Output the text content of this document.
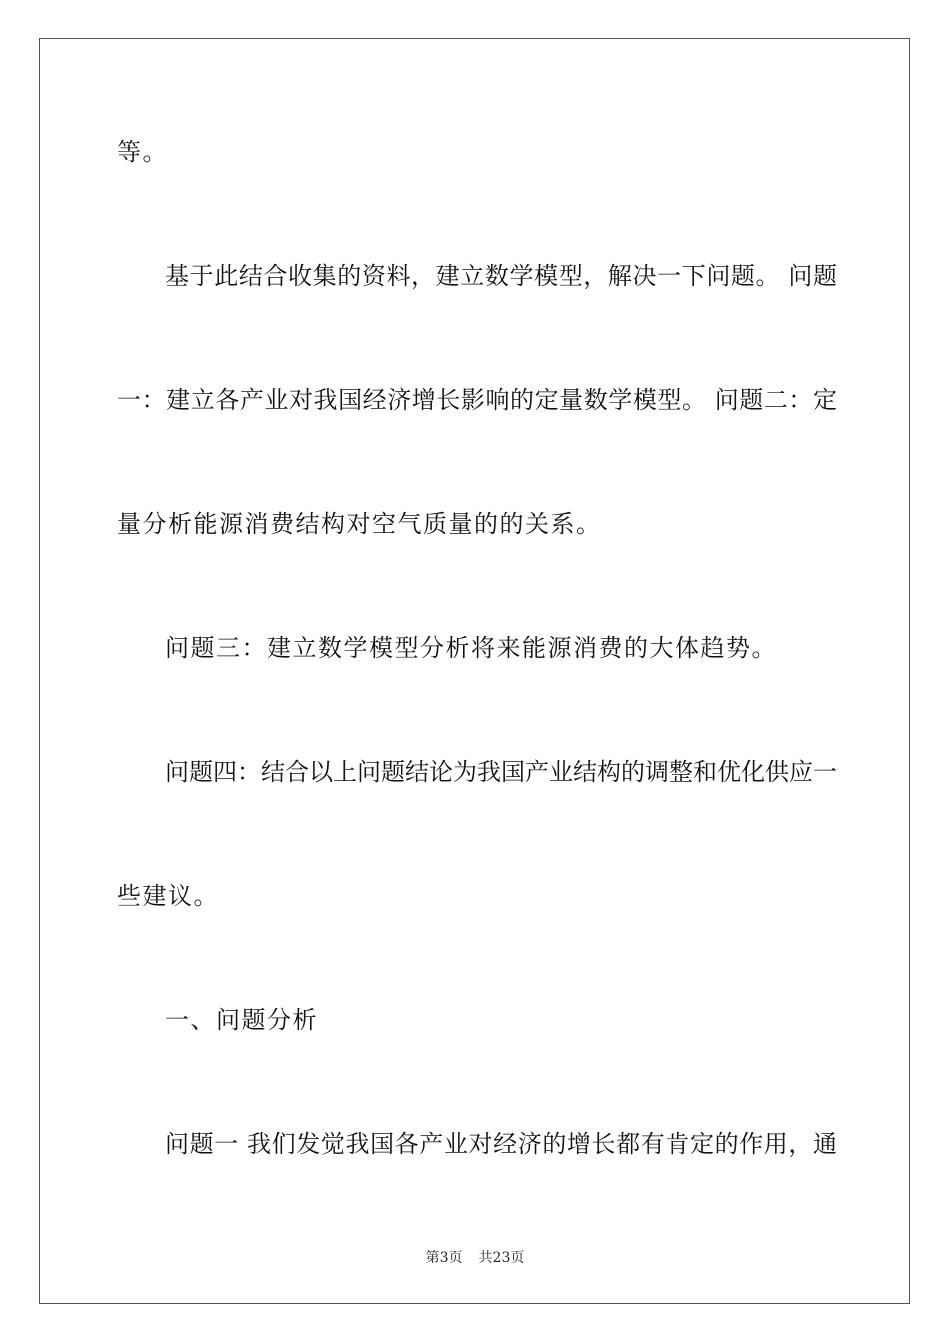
等。
基于此结合收集的资料，建立数学模型，解决一下问题。 问题
一：建立各产业对我国经济增长影响的定量数学模型。 问题二：定
量分析能源消费结构对空气质量的的关系。
问题三：建立数学模型分析将来能源消费的大体趋势。
问题四：结合以上问题结论为我国产业结构的调整和优化供应一
些建议。
一、问题分析
问题一 我们发觉我国各产业对经济的增长都有肯定的作用，通
第3页 共23页
